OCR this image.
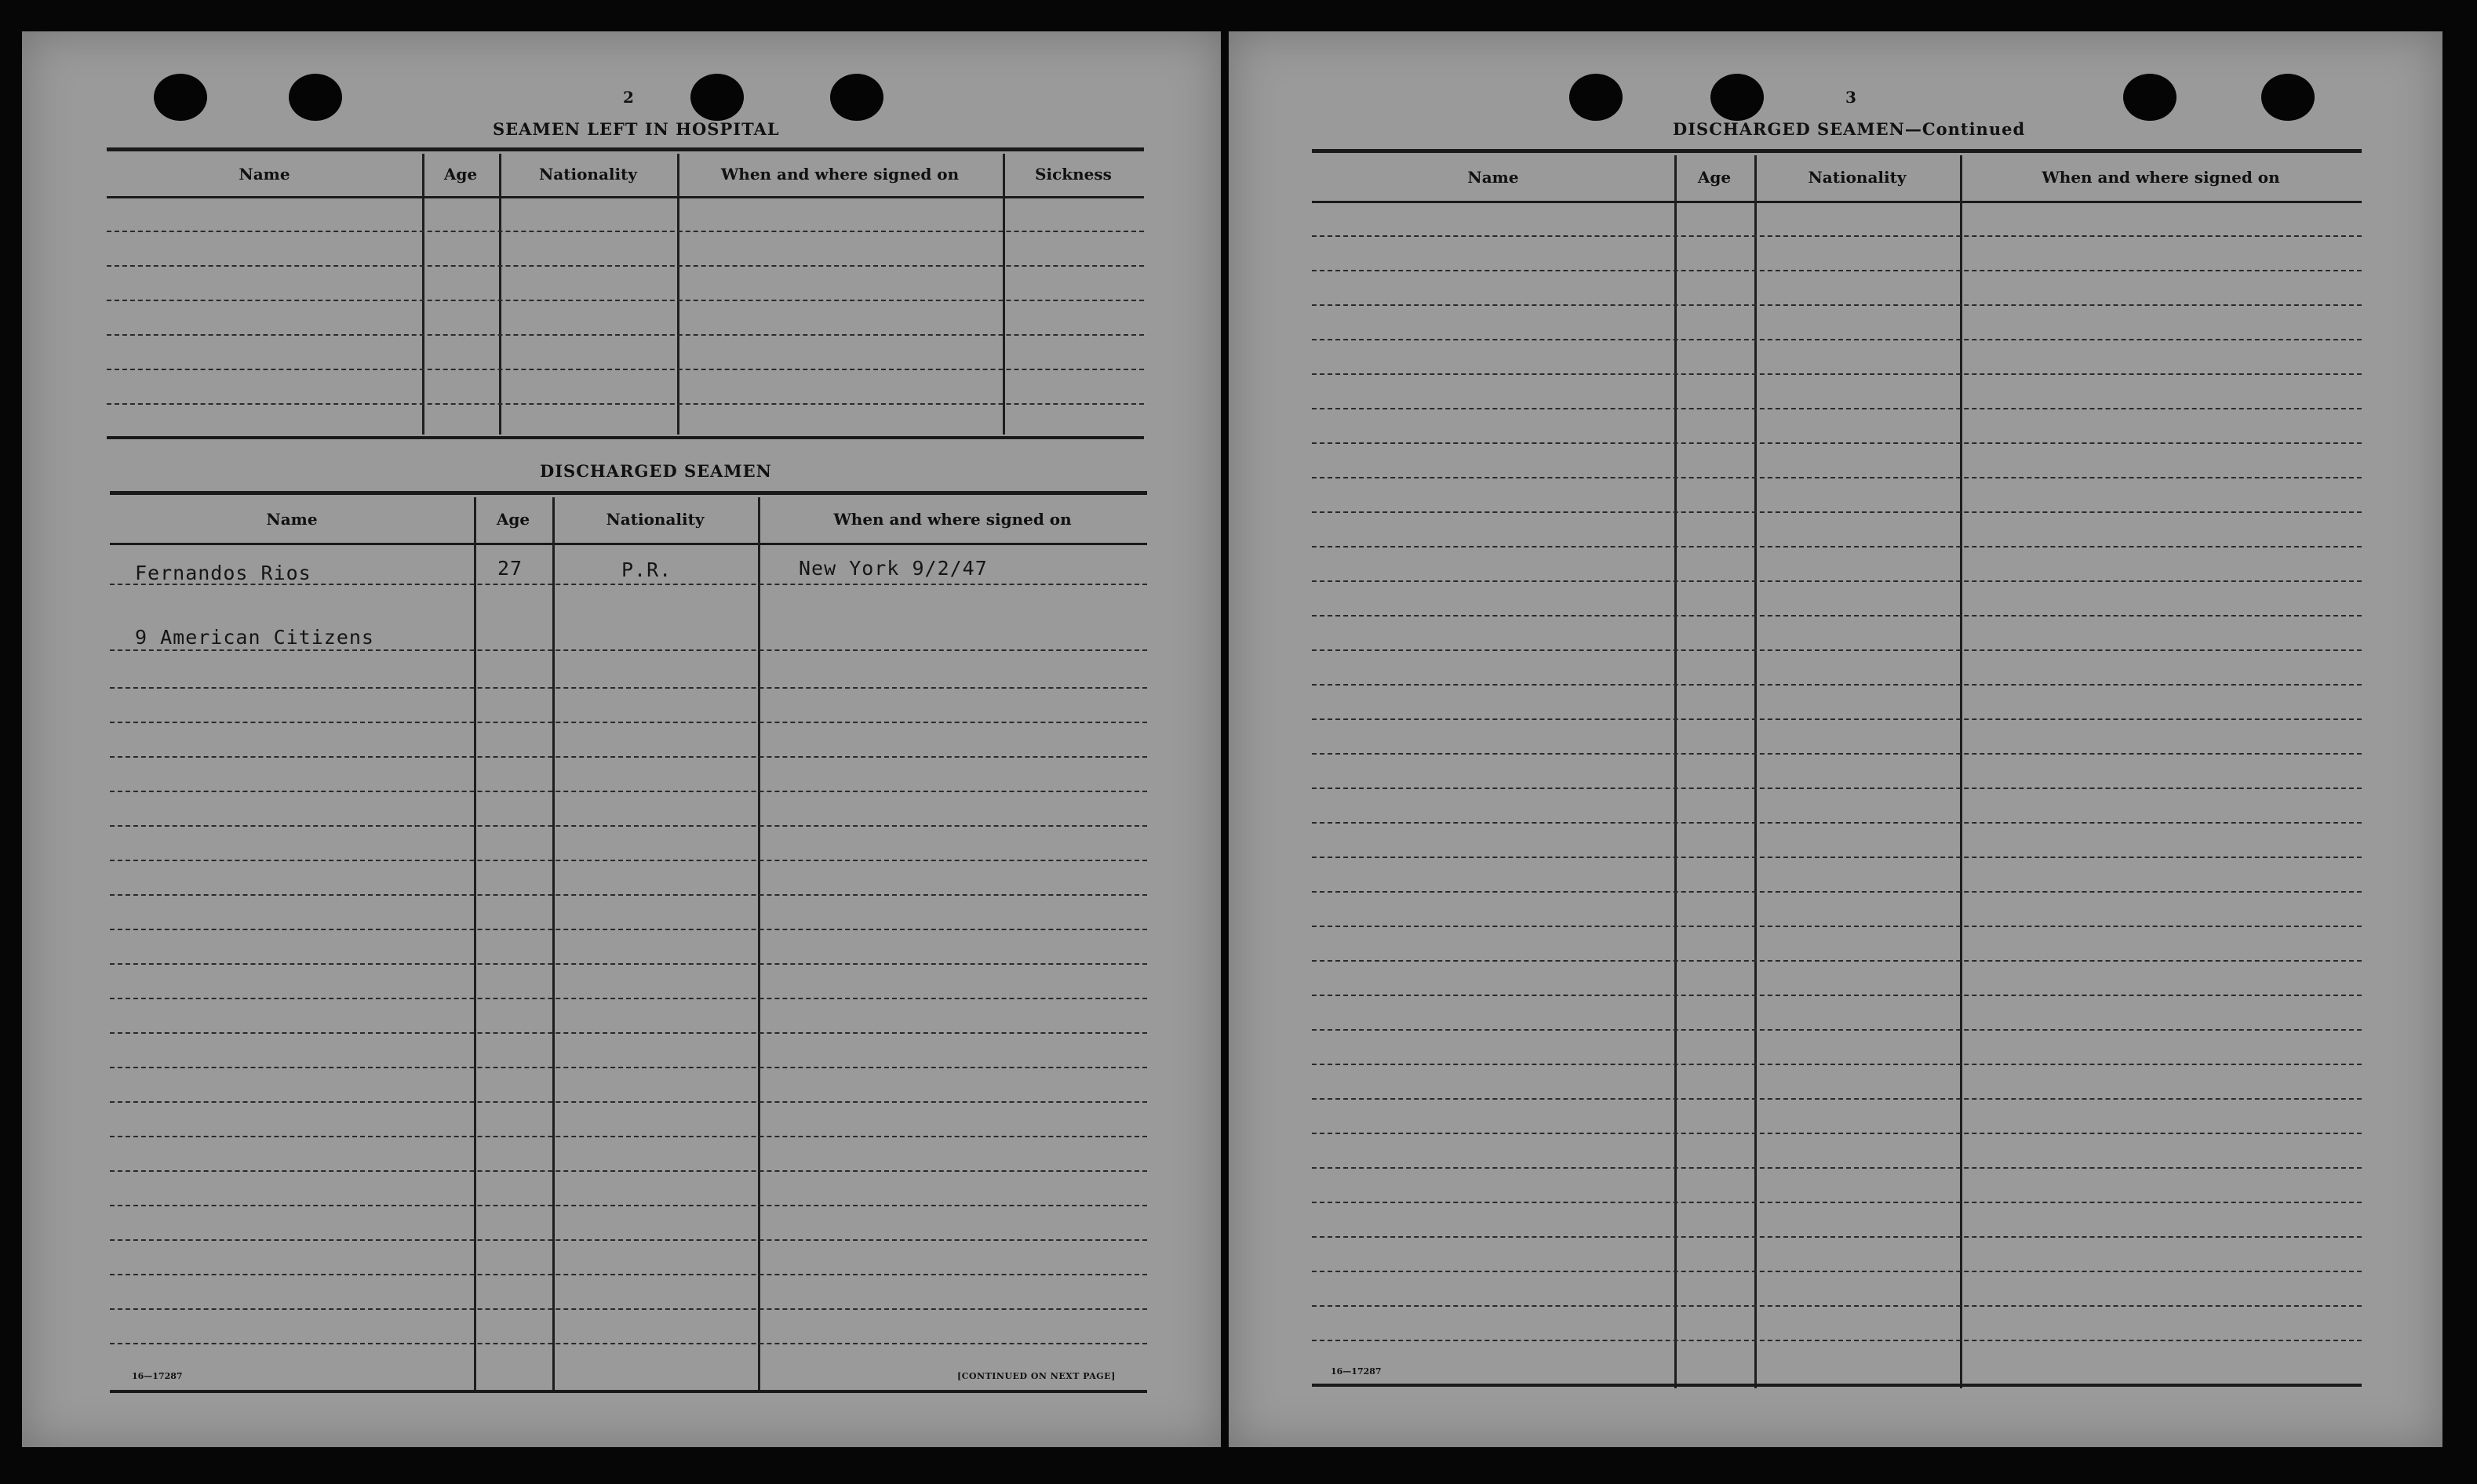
2
SEAMEN LEFT IN HOSPITAL
Name	Age	Nationality	When and where signed on	Sickness
DISCHARGED SEAMEN
Name	Age	Nationality	When and where signed on
Fernandos Rios	27	P.R.	New York 9/2/47
9 American Citizens
16—17287	[CONTINUED ON NEXT PAGE]
3
DISCHARGED SEAMEN—Continued
Name	Age	Nationality	When and where signed on
16—17287
